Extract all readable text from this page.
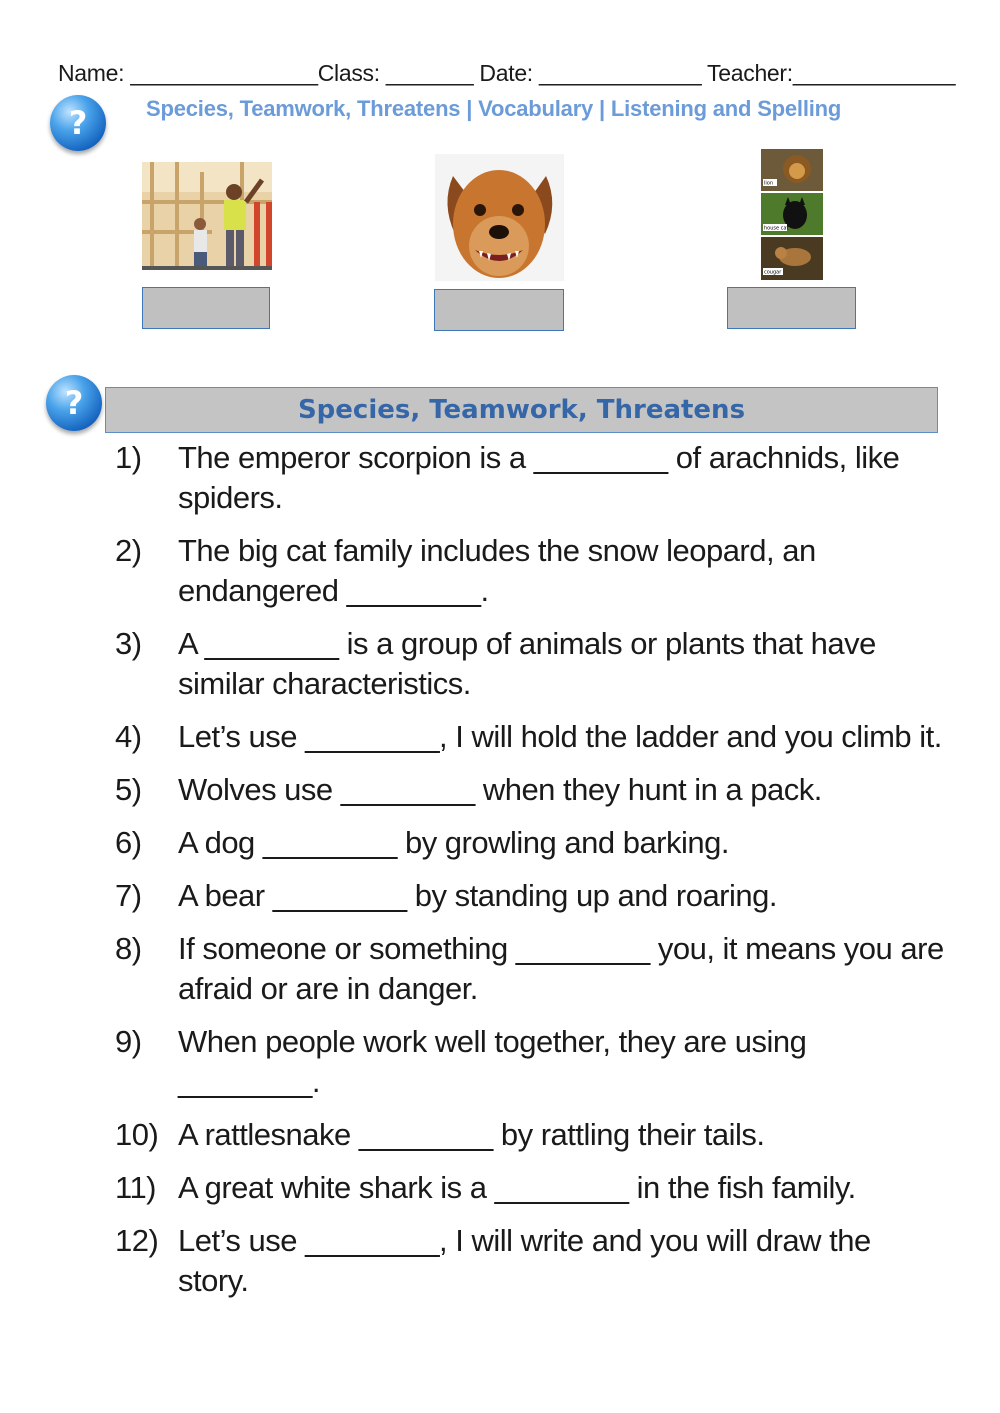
Name: _______________Class: _______ Date: _____________ Teacher:_____________
?	Species, Teamwork, Threatens | Vocabulary | Listening and Spelling
lion
house cat
cougar
?	Species, Teamwork, Threatens
1)	The emperor scorpion is a ________ of arachnids, like spiders.
2)	The big cat family includes the snow leopard, an endangered ________.
3)	A ________ is a group of animals or plants that have similar characteristics.
4)	Let’s use ________, I will hold the ladder and you climb it.
5)	Wolves use ________ when they hunt in a pack.
6)	A dog ________ by growling and barking.
7)	A bear ________ by standing up and roaring.
8)	If someone or something ________ you, it means you are afraid or are in danger.
9)	When people work well together, they are using ________.
10) A rattlesnake ________ by rattling their tails.
11) A great white shark is a ________ in the fish family.
12) Let’s use ________, I will write and you will draw the story.
